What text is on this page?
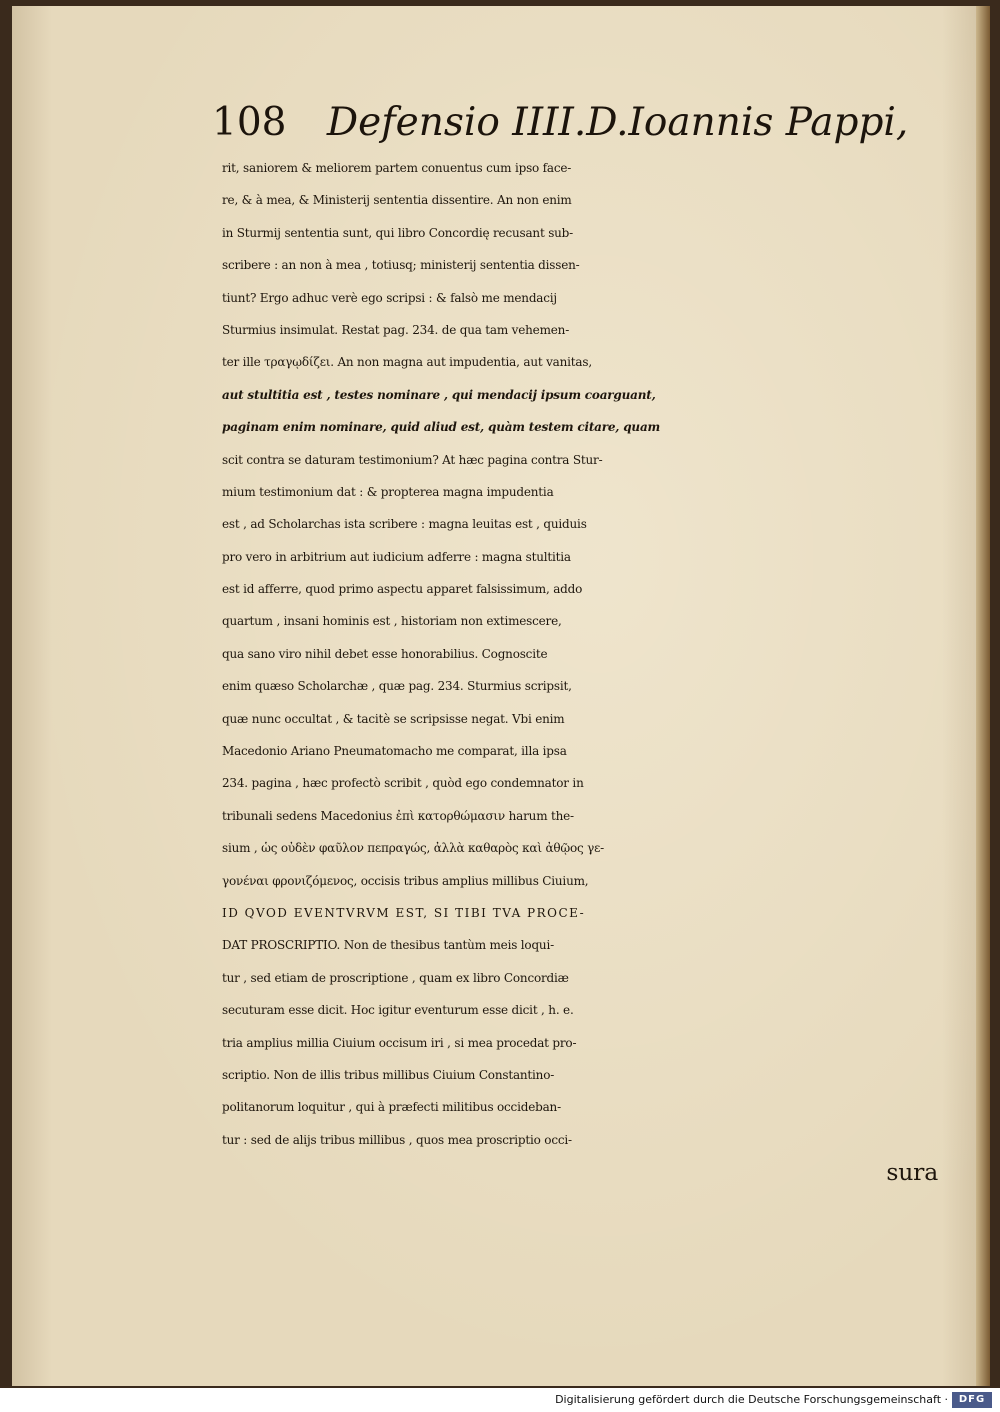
108 Defensio IIII.D.Ioannis Pappi,
rit, saniorem & meliorem partem conuentus cum ipso face-
re, & à mea, & Ministerij sententia dissentire. An non enim
in Sturmij sententia sunt, qui libro Concordię recusant sub-
scribere : an non à mea , totiusq; ministerij sententia dissen-
tiunt? Ergo adhuc verè ego scripsi : & falsò me mendacij
Sturmius insimulat. Restat pag. 234. de qua tam vehemen-
ter ille τραγῳδίζει. An non magna aut impudentia, aut vanitas,
aut stultitia est , testes nominare , qui mendacij ipsum coarguant,
paginam enim nominare, quid aliud est, quàm testem citare, quam
scit contra se daturam testimonium? At hæc pagina contra Stur-
mium testimonium dat : & propterea magna impudentia
est , ad Scholarchas ista scribere : magna leuitas est , quiduis
pro vero in arbitrium aut iudicium adferre : magna stultitia
est id afferre, quod primo aspectu apparet falsissimum, addo
quartum , insani hominis est , historiam non extimescere,
qua sano viro nihil debet esse honorabilius. Cognoscite
enim quæso Scholarchæ , quæ pag. 234. Sturmius scripsit,
quæ nunc occultat , & tacitè se scripsisse negat. Vbi enim
Macedonio Ariano Pneumatomacho me comparat, illa ipsa
234. pagina , hæc profectò scribit , quòd ego condemnator in
tribunali sedens Macedonius ἐπὶ κατορθώμασιν harum the-
sium , ὡς οὐδὲν φαῦλον πεπραγώς, ἀλλὰ καθαρὸς καὶ ἀθῷος γε-
γονέναι φρονιζόμενος, occisis tribus amplius millibus Ciuium,
ID QVOD EVENTVRVM EST, SI TIBI TVA PROCE-
DAT PROSCRIPTIO. Non de thesibus tantùm meis loqui-
tur , sed etiam de proscriptione , quam ex libro Concordiæ
secuturam esse dicit. Hoc igitur eventurum esse dicit , h. e.
tria amplius millia Ciuium occisum iri , si mea procedat pro-
scriptio. Non de illis tribus millibus Ciuium Constantino-
politanorum loquitur , qui à præfecti militibus occideban-
tur : sed de alijs tribus millibus , quos mea proscriptio occi-
sura
Digitalisierung gefördert durch die Deutsche Forschungsgemeinschaft ·	DFG
